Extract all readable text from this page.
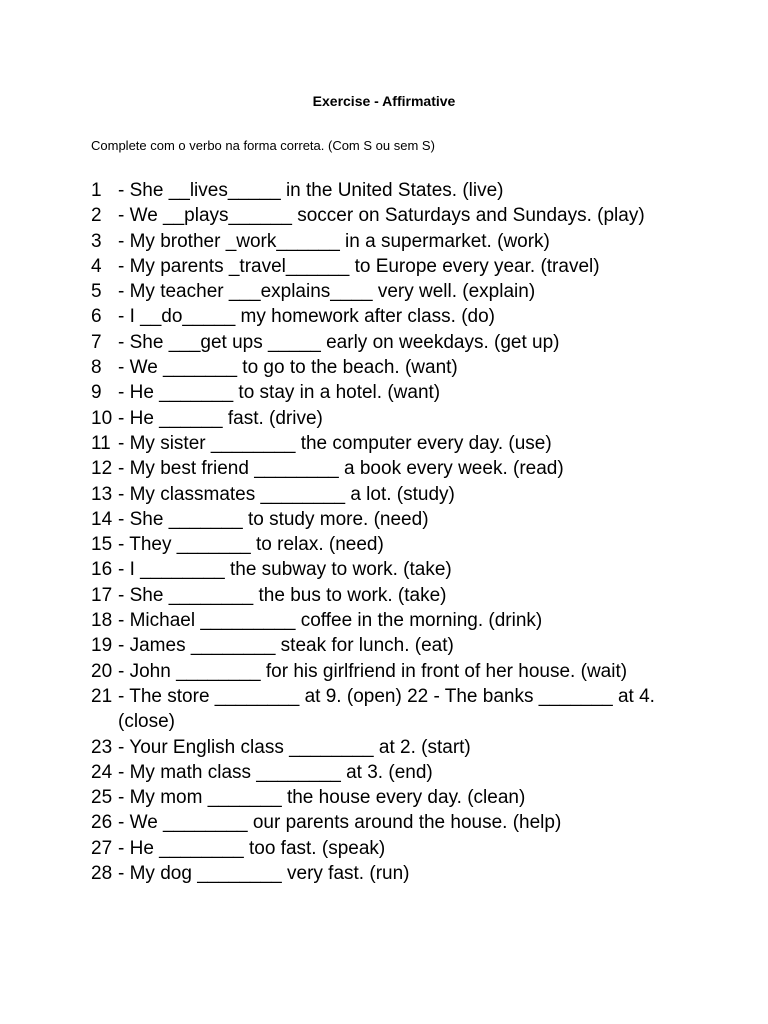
Exercise - Affirmative
Complete com o verbo na forma correta. (Com S ou sem S)
1 - She __lives_____ in the United States. (live)
2 - We __plays______ soccer on Saturdays and Sundays. (play)
3 - My brother _work______ in a supermarket. (work)
4 - My parents _travel______ to Europe every year. (travel)
5 - My teacher ___explains____ very well. (explain)
6 - I __do_____ my homework after class. (do)
7 - She ___get ups _____ early on weekdays. (get up)
8 - We _______ to go to the beach. (want)
9 - He _______ to stay in a hotel. (want)
10 - He ______ fast. (drive)
11 - My sister ________ the computer every day. (use)
12 - My best friend ________ a book every week. (read)
13 - My classmates ________ a lot. (study)
14 - She _______ to study more. (need)
15 - They _______ to relax. (need)
16 - I ________ the subway to work. (take)
17 - She ________ the bus to work. (take)
18 - Michael _________ coffee in the morning. (drink)
19 - James ________ steak for lunch. (eat)
20 - John ________ for his girlfriend in front of her house. (wait)
21 - The store ________ at 9. (open) 22 - The banks _______ at 4. (close)
23 - Your English class ________ at 2. (start)
24 - My math class ________ at 3. (end)
25 - My mom _______ the house every day. (clean)
26 - We ________ our parents around the house. (help)
27 - He ________ too fast. (speak)
28 - My dog ________ very fast. (run)
